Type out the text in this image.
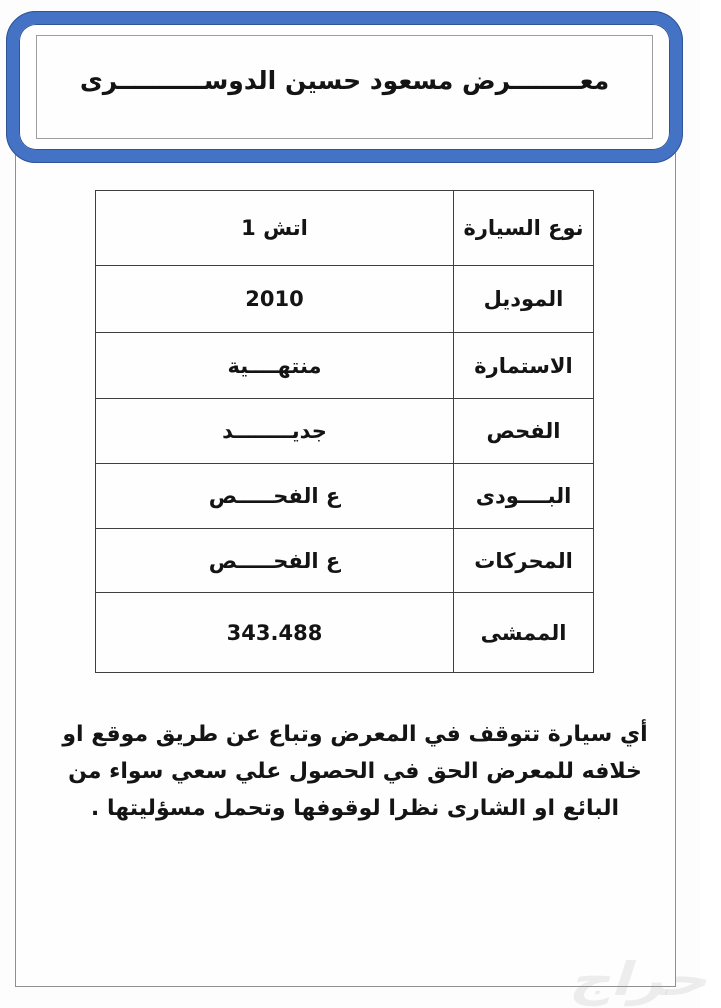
معــــــــرض مسعود حسين الدوســــــــــرى
نوع السيارة	اتش 1
الموديل	2010
الاستمارة	منتهــــية
الفحص	جديــــــــد
البــــودى	ع الفحـــــص
المحركات	ع الفحـــــص
الممشى	343.488
أي سيارة تتوقف في المعرض وتباع عن طريق موقع او
خلافه للمعرض الحق في الحصول علي سعي سواء من
البائع او الشارى نظرا لوقوفها وتحمل مسؤليتها .
